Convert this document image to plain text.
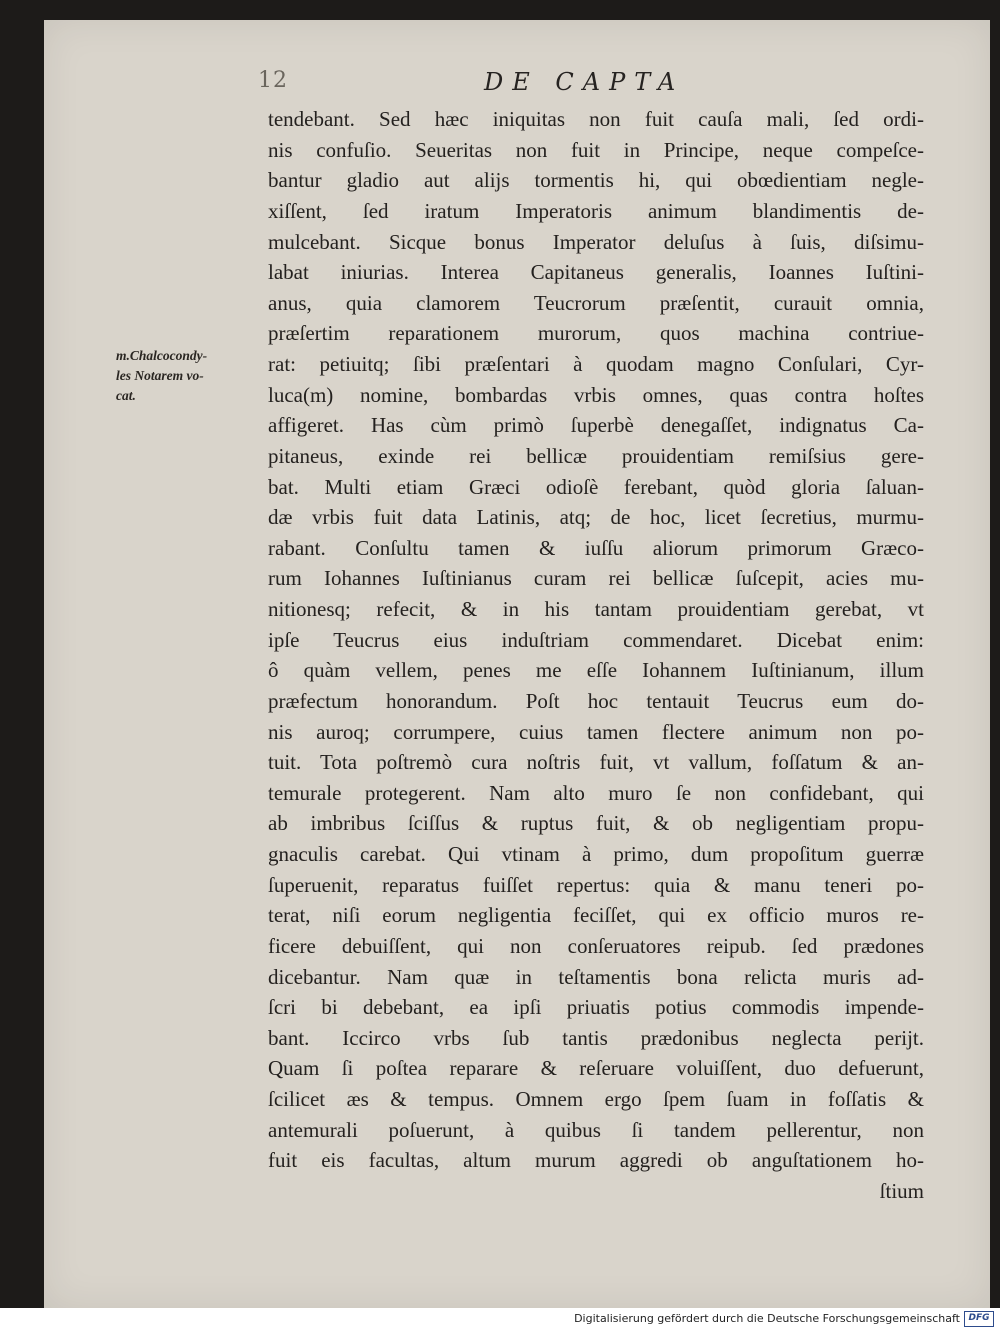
12	DE CAPTA
m.Chalcocondy-
les Notarem vo-
cat.
tendebant. Sed hæc iniquitas non fuit cauſa mali, ſed ordi-
nis confuſio. Seueritas non fuit in Principe, neque compeſce-
bantur gladio aut alijs tormentis hi, qui obœdientiam negle-
xiſſent, ſed iratum Imperatoris animum blandimentis de-
mulcebant. Sicque bonus Imperator deluſus à ſuis, diſsimu-
labat iniurias. Interea Capitaneus generalis, Ioannes Iuſtini-
anus, quia clamorem Teucrorum præſentit, curauit omnia,
præſertim reparationem murorum, quos machina contriue-
rat: petiuitq; ſibi præſentari à quodam magno Conſulari, Cyr-
luca(m) nomine, bombardas vrbis omnes, quas contra hoſtes
affigeret. Has cùm primò ſuperbè denegaſſet, indignatus Ca-
pitaneus, exinde rei bellicæ prouidentiam remiſsius gere-
bat. Multi etiam Græci odioſè ferebant, quòd gloria ſaluan-
dæ vrbis fuit data Latinis, atq; de hoc, licet ſecretius, murmu-
rabant. Conſultu tamen & iuſſu aliorum primorum Græco-
rum Iohannes Iuſtinianus curam rei bellicæ ſuſcepit, acies mu-
nitionesq; refecit, & in his tantam prouidentiam gerebat, vt
ipſe Teucrus eius induſtriam commendaret. Dicebat enim:
ô quàm vellem, penes me eſſe Iohannem Iuſtinianum, illum
præfectum honorandum. Poſt hoc tentauit Teucrus eum do-
nis auroq; corrumpere, cuius tamen flectere animum non po-
tuit. Tota poſtremò cura noſtris fuit, vt vallum, foſſatum & an-
temurale protegerent. Nam alto muro ſe non confidebant, qui
ab imbribus ſciſſus & ruptus fuit, & ob negligentiam propu-
gnaculis carebat. Qui vtinam à primo, dum propoſitum guerræ
ſuperuenit, reparatus fuiſſet repertus: quia & manu teneri po-
terat, niſi eorum negligentia feciſſet, qui ex officio muros re-
ficere debuiſſent, qui non conſeruatores reipub. ſed prædones
dicebantur. Nam quæ in teſtamentis bona relicta muris ad-
ſcri bi debebant, ea ipſi priuatis potius commodis impende-
bant. Iccirco vrbs ſub tantis prædonibus neglecta perijt.
Quam ſi poſtea reparare & reſeruare voluiſſent, duo defuerunt,
ſcilicet æs & tempus. Omnem ergo ſpem ſuam in foſſatis &
antemurali poſuerunt, à quibus ſi tandem pellerentur, non
fuit eis facultas, altum murum aggredi ob anguſtationem ho-
ſtium
Digitalisierung gefördert durch die Deutsche Forschungsgemeinschaft DFG
